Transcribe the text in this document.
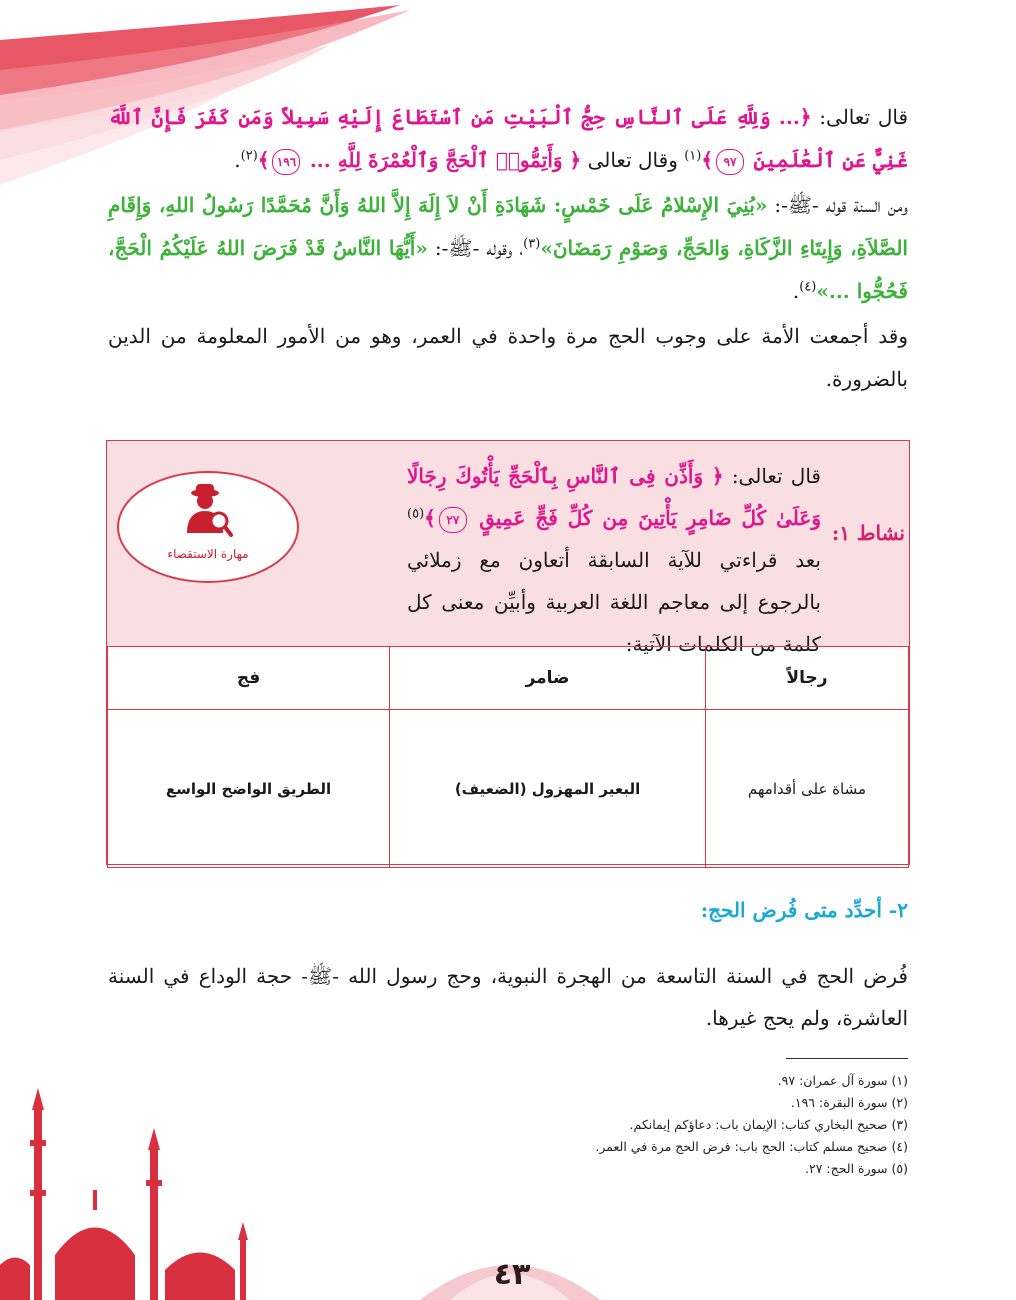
قال تعالى: ﴿... وَلِلَّهِ عَلَى ٱلنَّاسِ حِجُّ ٱلْبَيْتِ مَنِ ٱسْتَطَاعَ إِلَيْهِ سَبِيلاً وَمَن كَفَرَ فَإِنَّ ٱللَّهَ غَنِيٌّ عَنِ ٱلْعَٰلَمِينَ ٩٧﴾$^{(١)}$ وقال تعالى ﴿ وَأَتِمُّوا۟ ٱلْحَجَّ وَٱلْعُمْرَةَ لِلَّهِ ... ١٩٦﴾$^{(٢)}$.

ومن السنة قوله -ﷺ-: «بُنِيَ الإِسْلامُ عَلَى خَمْسٍ: شَهَادَةِ أَنْ لاَ إِلَهَ إِلاَّ اللهُ وَأَنَّ مُحَمَّدًا رَسُولُ اللهِ، وَإِقَامِ الصَّلاَةِ، وَإِيتَاءِ الزَّكَاةِ، وَالحَجِّ، وَصَوْمِ رَمَضَانَ»$^{(٣)}$، وقوله -ﷺ-: «أَيُّهَا النَّاسُ قَدْ فَرَضَ اللهُ عَلَيْكُمُ الْحَجَّ، فَحُجُّوا ...»$^{(٤)}$.

وقد أجمعت الأمة على وجوب الحج مرة واحدة في العمر، وهو من الأمور المعلومة من الدين بالضرورة.

نشاط ١:
قال تعالى: ﴿ وَأَذِّن فِى ٱلنَّاسِ بِٱلْحَجِّ يَأْتُوكَ رِجَالًا وَعَلَىٰ كُلِّ ضَامِرٍ يَأْتِينَ مِن كُلِّ فَجٍّ عَمِيقٍ ٢٧﴾$^{(٥)}$ بعد قراءتي للآية السابقة أتعاون مع زملائي بالرجوع إلى معاجم اللغة العربية وأبيِّن معنى كل كلمة من الكلمات الآتية:
مهارة الاستقصاء
رجالاً	ضامر	فج
مشاة على أقدامهم	البعير المهزول (الضعيف)	الطريق الواضح الواسع
٢- أحدِّد متى فُرض الحج:
فُرض الحج في السنة التاسعة من الهجرة النبوية، وحج رسول الله -ﷺ- حجة الوداع في السنة العاشرة، ولم يحج غيرها.
(١) سورة آل عمران: ٩٧.
(٢) سورة البقرة: ١٩٦.
(٣) صحيح البخاري كتاب: الإيمان باب: دعاؤكم إيمانكم.
(٤) صحيح مسلم كتاب: الحج باب: فرض الحج مرة في العمر.
(٥) سورة الحج: ٢٧.
٤٣
